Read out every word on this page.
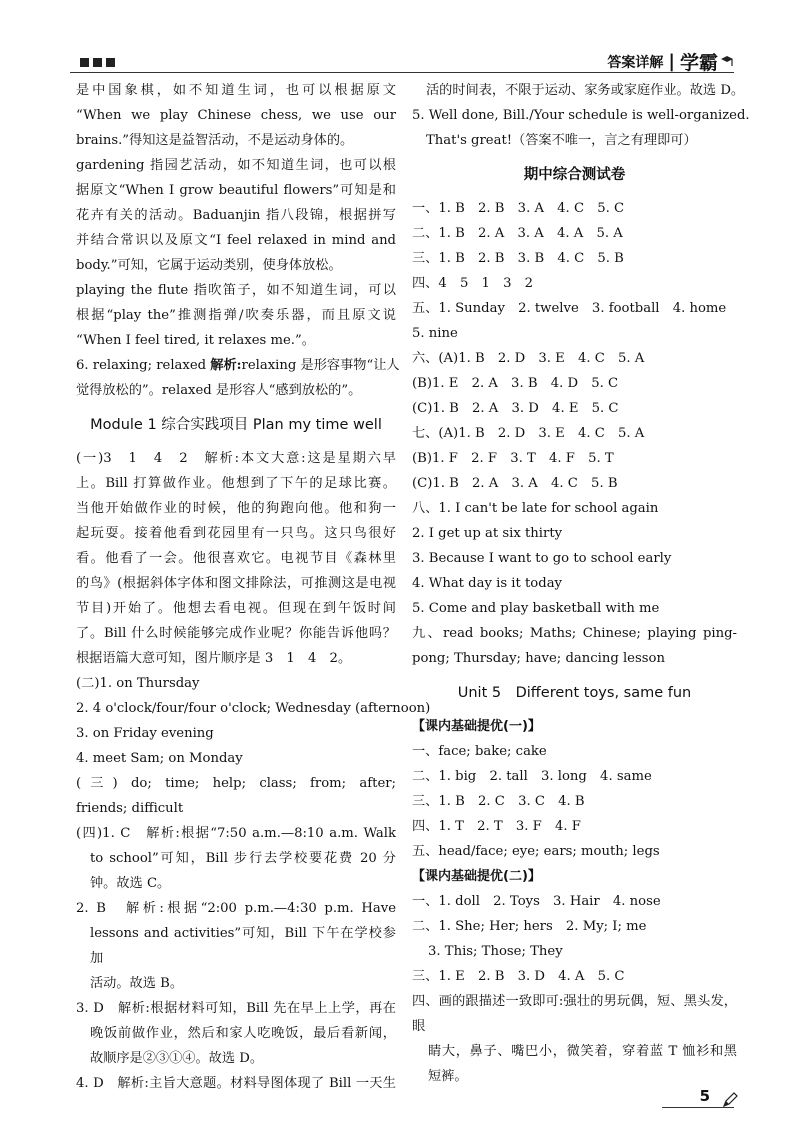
答案详解 | 学霸

是中国象棋，如不知道生词，也可以根据原文

“When we play Chinese chess, we use our

brains.”得知这是益智活动，不是运动身体的。

gardening 指园艺活动，如不知道生词，也可以根

据原文“When I grow beautiful flowers”可知是和

花卉有关的活动。Baduanjin 指八段锦，根据拼写

并结合常识以及原文“I feel relaxed in mind and

body.”可知，它属于运动类别，使身体放松。

playing the flute 指吹笛子，如不知道生词，可以

根据“play the”推测指弹/吹奏乐器，而且原文说

“When I feel tired, it relaxes me.”。

6. relaxing; relaxed 解析:relaxing 是形容事物“让人

觉得放松的”。relaxed 是形容人“感到放松的”。

Module 1 综合实践项目 Plan my time well

(一)3　1　4　2　解析:本文大意:这是星期六早

上。Bill 打算做作业。他想到了下午的足球比赛。

当他开始做作业的时候，他的狗跑向他。他和狗一

起玩耍。接着他看到花园里有一只鸟。这只鸟很好

看。他看了一会。他很喜欢它。电视节目《森林里

的鸟》(根据斜体字体和图文排除法，可推测这是电视

节目)开始了。他想去看电视。但现在到午饭时间

了。Bill 什么时候能够完成作业呢？你能告诉他吗？

根据语篇大意可知，图片顺序是 3　1　4　2。

(二)1. on Thursday

2. 4 o'clock/four/four o'clock; Wednesday (afternoon)

3. on Friday evening

4. meet Sam; on Monday

(三) do; time; help; class; from; after;

friends; difficult

(四)1. C　解析:根据“7:50 a.m.—8:10 a.m. Walk

to school”可知，Bill 步行去学校要花费 20 分

钟。故选 C。

2. B　解析:根据“2:00 p.m.—4:30 p.m. Have

lessons and activities”可知，Bill 下午在学校参加

活动。故选 B。

3. D　解析:根据材料可知，Bill 先在早上上学，再在

晚饭前做作业，然后和家人吃晚饭，最后看新闻，

故顺序是②③①④。故选 D。

4. D　解析:主旨大意题。材料导图体现了 Bill 一天生

活的时间表，不限于运动、家务或家庭作业。故选 D。

5. Well done, Bill./Your schedule is well-organized.

That's great!（答案不唯一，言之有理即可）

期中综合测试卷

一、1. B　2. B　3. A　4. C　5. C

二、1. B　2. A　3. A　4. A　5. A

三、1. B　2. B　3. B　4. C　5. B

四、4　5　1　3　2

五、1. Sunday　2. twelve　3. football　4. home

5. nine

六、(A)1. B　2. D　3. E　4. C　5. A

(B)1. E　2. A　3. B　4. D　5. C

(C)1. B　2. A　3. D　4. E　5. C

七、(A)1. B　2. D　3. E　4. C　5. A

(B)1. F　2. F　3. T　4. F　5. T

(C)1. B　2. A　3. A　4. C　5. B

八、1. I can't be late for school again

2. I get up at six thirty

3. Because I want to go to school early

4. What day is it today

5. Come and play basketball with me

九、read books; Maths; Chinese; playing ping-

pong; Thursday; have; dancing lesson

Unit 5　Different toys, same fun

【课内基础提优(一)】

一、face; bake; cake

二、1. big　2. tall　3. long　4. same

三、1. B　2. C　3. C　4. B

四、1. T　2. T　3. F　4. F

五、head/face; eye; ears; mouth; legs

【课内基础提优(二)】

一、1. doll　2. Toys　3. Hair　4. nose

二、1. She; Her; hers　2. My; I; me

3. This; Those; They

三、1. E　2. B　3. D　4. A　5. C

四、画的跟描述一致即可:强壮的男玩偶，短、黑头发，眼

睛大，鼻子、嘴巴小，微笑着，穿着蓝 T 恤衫和黑

短裤。

5
